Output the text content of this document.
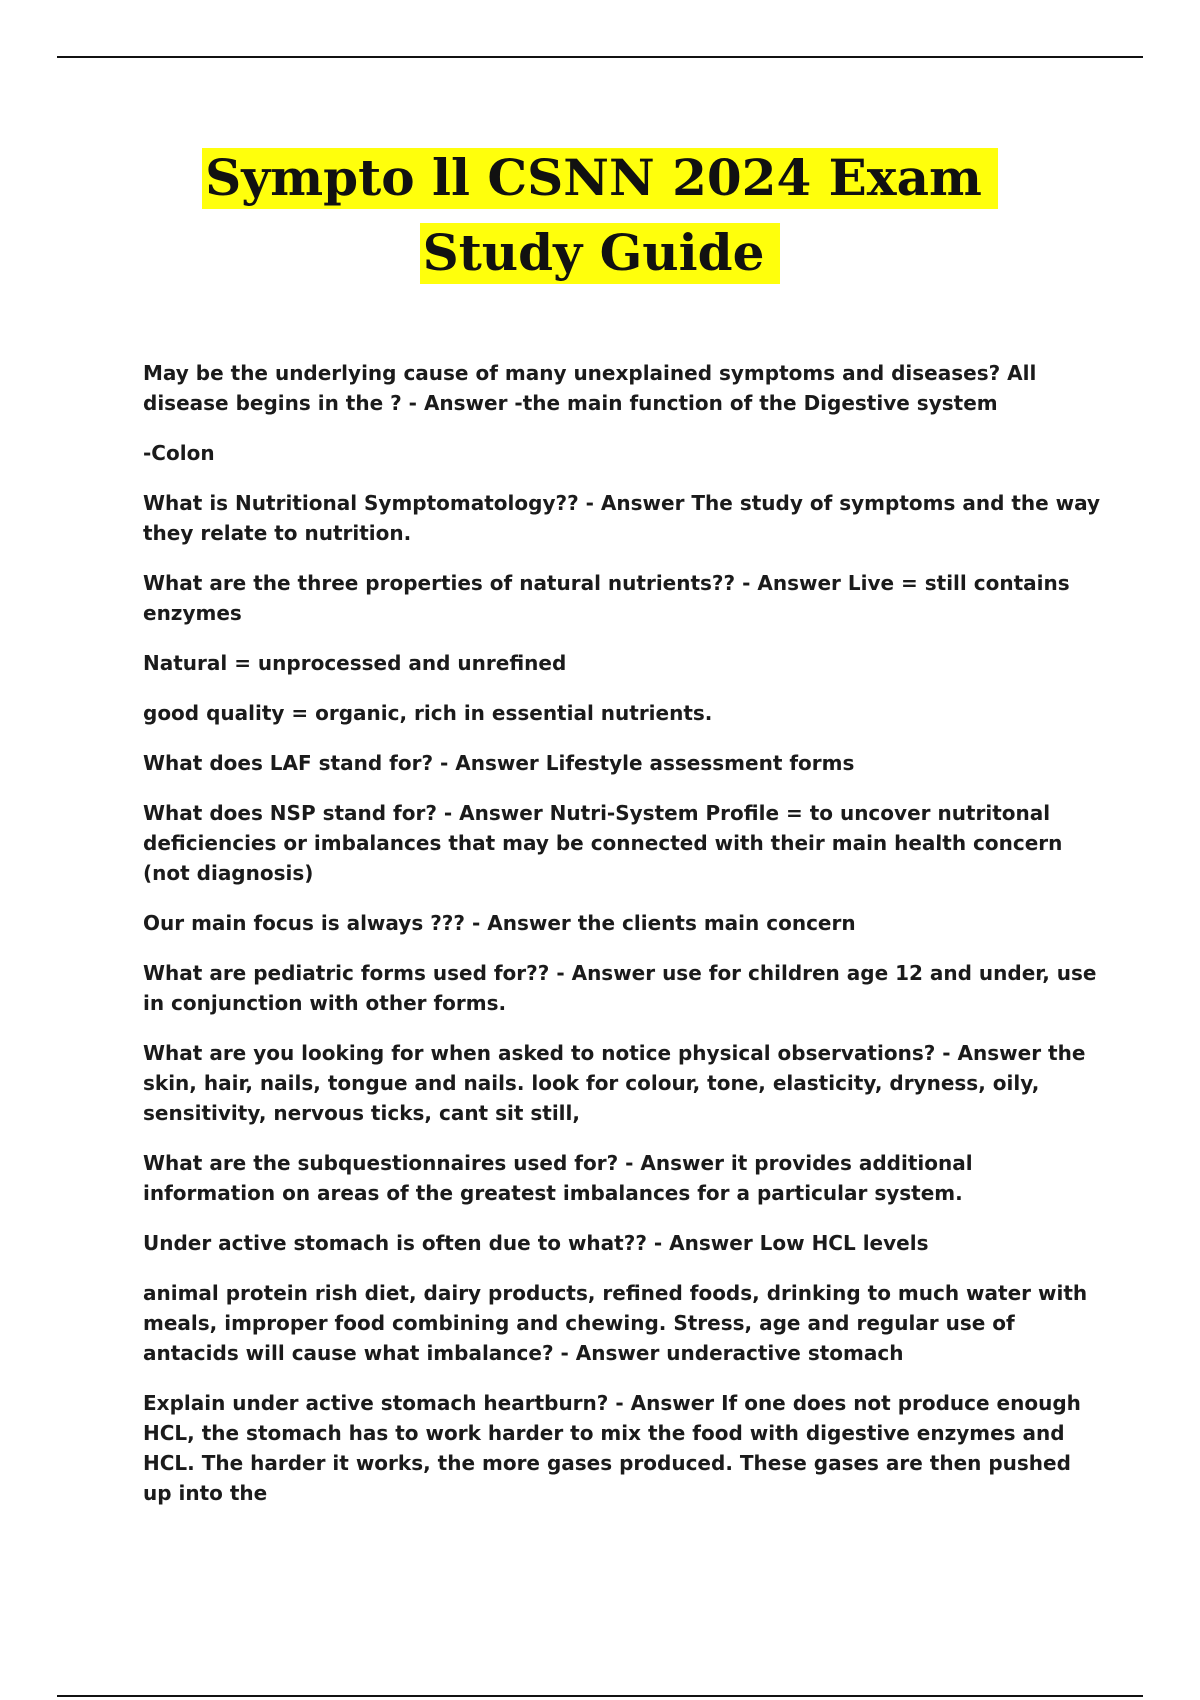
Sympto ll CSNN 2024 Exam
Study Guide

May be the underlying cause of many unexplained symptoms and diseases? All disease begins in the ? - Answer -the main function of the Digestive system

-Colon

What is Nutritional Symptomatology?? - Answer The study of symptoms and the way they relate to nutrition.

What are the three properties of natural nutrients?? - Answer Live = still contains enzymes

Natural = unprocessed and unrefined

good quality = organic, rich in essential nutrients.

What does LAF stand for? - Answer Lifestyle assessment forms

What does NSP stand for? - Answer Nutri-System Profile = to uncover nutritonal deficiencies or imbalances that may be connected with their main health concern (not diagnosis)

Our main focus is always ??? - Answer the clients main concern

What are pediatric forms used for?? - Answer use for children age 12 and under, use in conjunction with other forms.

What are you looking for when asked to notice physical observations? - Answer the skin, hair, nails, tongue and nails. look for colour, tone, elasticity, dryness, oily, sensitivity, nervous ticks, cant sit still,

What are the subquestionnaires used for? - Answer it provides additional information on areas of the greatest imbalances for a particular system.

Under active stomach is often due to what?? - Answer Low HCL levels

animal protein rish diet, dairy products, refined foods, drinking to much water with meals, improper food combining and chewing. Stress, age and regular use of antacids will cause what imbalance? - Answer underactive stomach

Explain under active stomach heartburn? - Answer If one does not produce enough HCL, the stomach has to work harder to mix the food with digestive enzymes and HCL. The harder it works, the more gases produced. These gases are then pushed up into the
